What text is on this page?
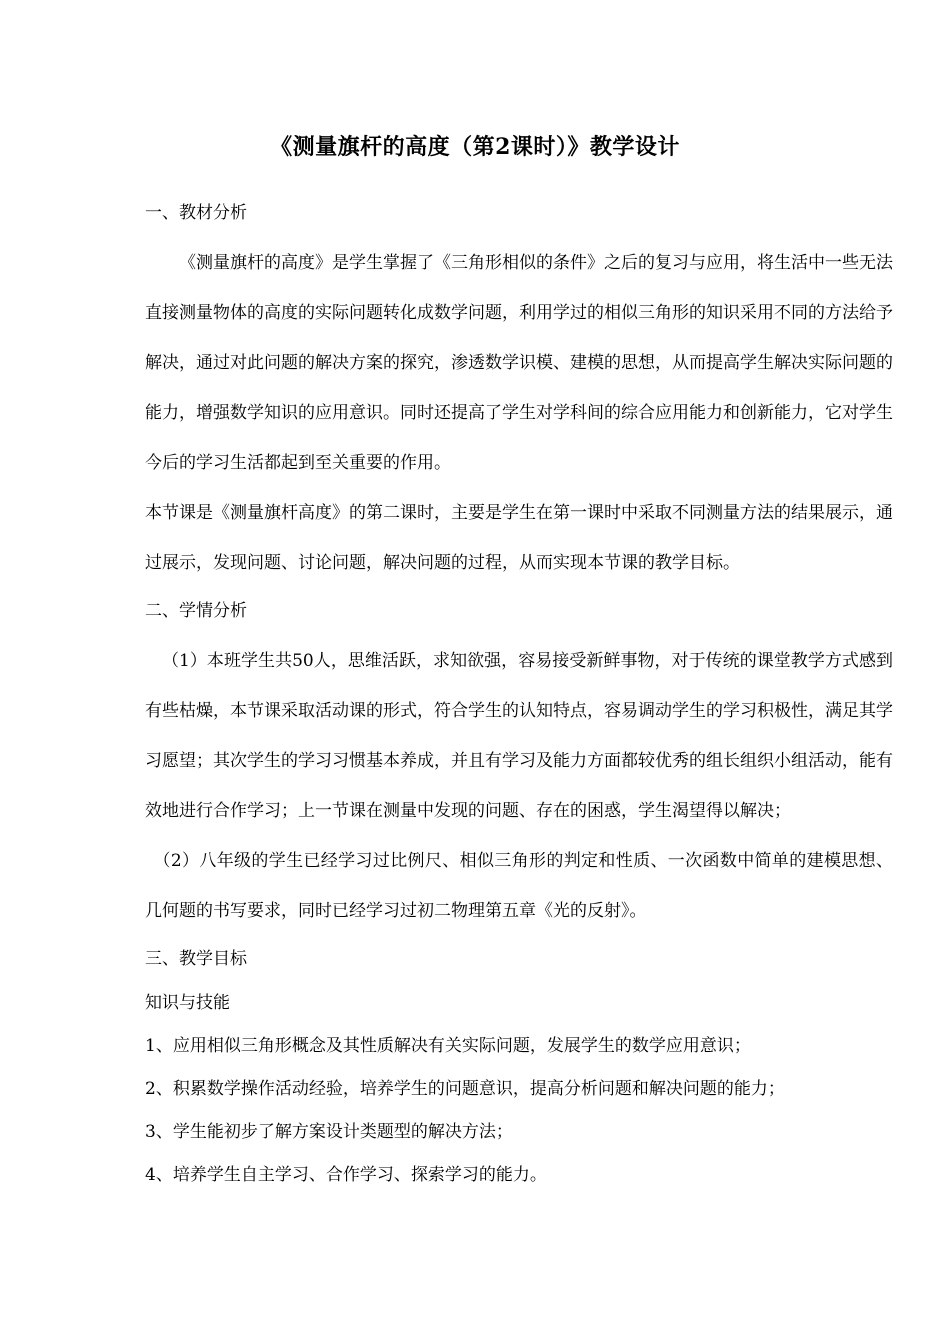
《测量旗杆的高度（第2课时）》教学设计

一、教材分析

《测量旗杆的高度》是学生掌握了《三角形相似的条件》之后的复习与应用，将生活中一些无法直接测量物体的高度的实际问题转化成数学问题，利用学过的相似三角形的知识采用不同的方法给予解决，通过对此问题的解决方案的探究，渗透数学识模、建模的思想，从而提高学生解决实际问题的能力，增强数学知识的应用意识。同时还提高了学生对学科间的综合应用能力和创新能力，它对学生今后的学习生活都起到至关重要的作用。

本节课是《测量旗杆高度》的第二课时，主要是学生在第一课时中采取不同测量方法的结果展示，通过展示，发现问题、讨论问题，解决问题的过程，从而实现本节课的教学目标。

二、学情分析

（1）本班学生共50人，思维活跃，求知欲强，容易接受新鲜事物，对于传统的课堂教学方式感到有些枯燥，本节课采取活动课的形式，符合学生的认知特点，容易调动学生的学习积极性，满足其学习愿望；其次学生的学习习惯基本养成，并且有学习及能力方面都较优秀的组长组织小组活动，能有效地进行合作学习；上一节课在测量中发现的问题、存在的困惑，学生渴望得以解决；

（2）八年级的学生已经学习过比例尺、相似三角形的判定和性质、一次函数中简单的建模思想、几何题的书写要求，同时已经学习过初二物理第五章《光的反射》。

三、教学目标

知识与技能

1、应用相似三角形概念及其性质解决有关实际问题，发展学生的数学应用意识；

2、积累数学操作活动经验，培养学生的问题意识，提高分析问题和解决问题的能力；

3、学生能初步了解方案设计类题型的解决方法；

4、培养学生自主学习、合作学习、探索学习的能力。
